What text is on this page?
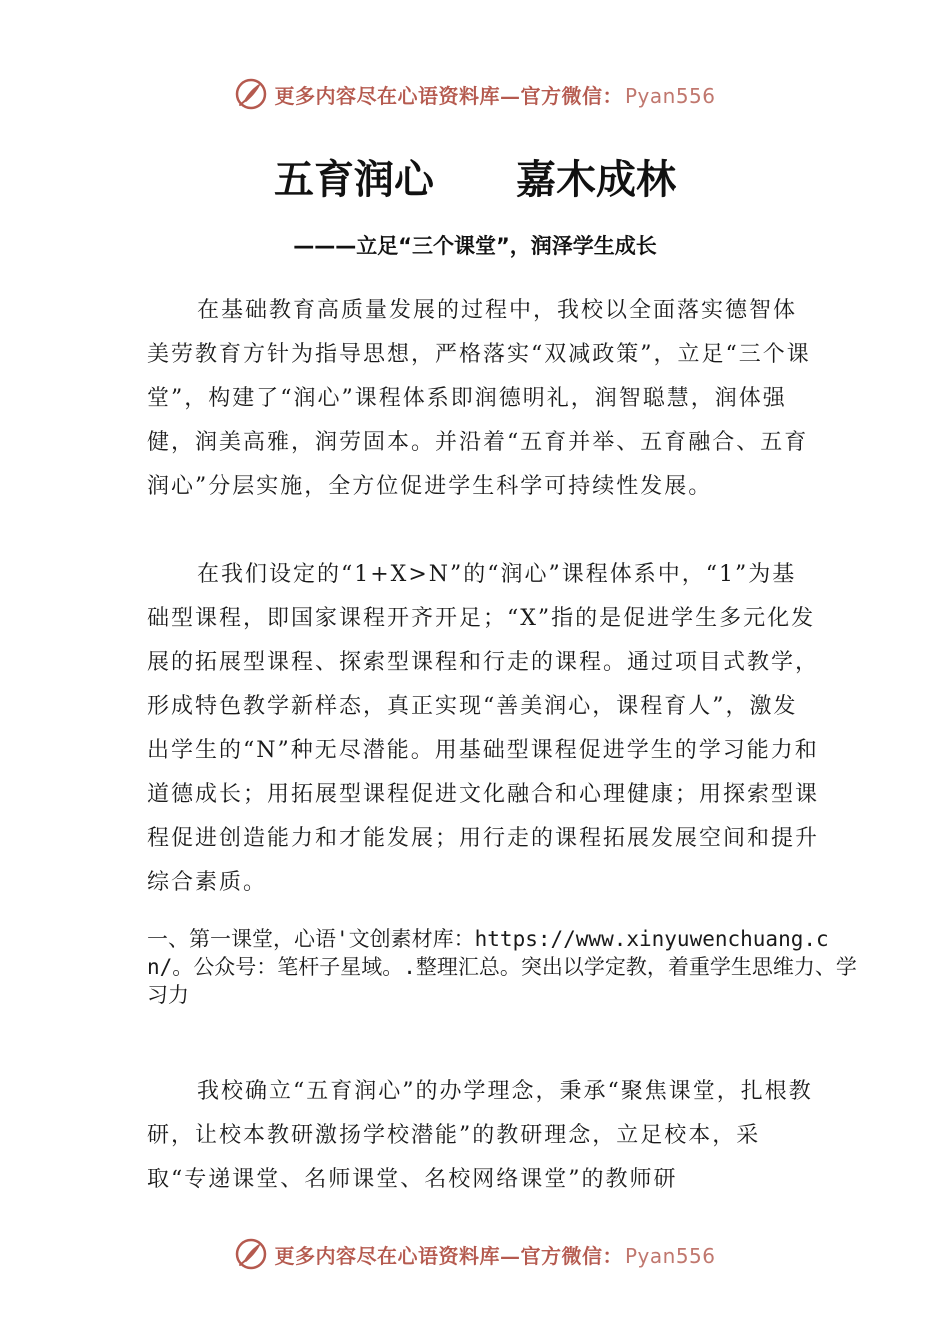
更多内容尽在心语资料库—官方微信： Pyan556
五育润心 嘉木成林
———立足“三个课堂”，润泽学生成长
在基础教育高质量发展的过程中，我校以全面落实德智体美劳教育方针为指导思想，严格落实“双减政策”，立足“三个课堂”，构建了“润心”课程体系即润德明礼，润智聪慧，润体强健，润美高雅，润劳固本。并沿着“五育并举、五育融合、五育润心”分层实施，全方位促进学生科学可持续性发展。
在我们设定的“1+X>N”的“润心”课程体系中，“1”为基础型课程，即国家课程开齐开足；“X”指的是促进学生多元化发展的拓展型课程、探索型课程和行走的课程。通过项目式教学，形成特色教学新样态，真正实现“善美润心，课程育人”，激发出学生的“N”种无尽潜能。用基础型课程促进学生的学习能力和道德成长；用拓展型课程促进文化融合和心理健康；用探索型课程促进创造能力和才能发展；用行走的课程拓展发展空间和提升综合素质。
一、第一课堂，心语'文创素材库：https://www.xinyuwenchuang.cn/。公众号：笔杆子星域。.整理汇总。突出以学定教，着重学生思维力、学习力
我校确立“五育润心”的办学理念，秉承“聚焦课堂，扎根教研，让校本教研激扬学校潜能”的教研理念，立足校本，采取“专递课堂、名师课堂、名校网络课堂”的教师研
更多内容尽在心语资料库—官方微信： Pyan556
